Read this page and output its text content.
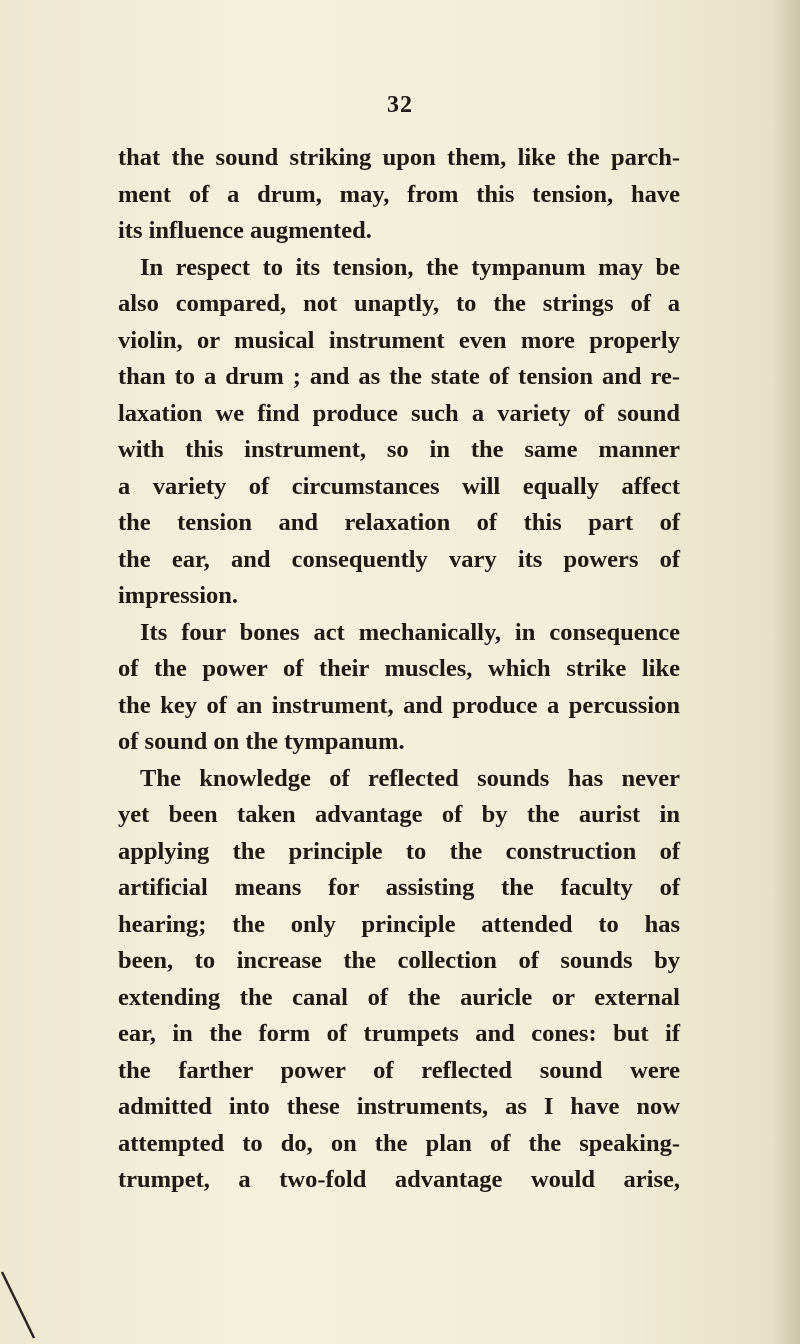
32
that the sound striking upon them, like the parch-
ment of a drum, may, from this tension, have
its influence augmented.
In respect to its tension, the tympanum may be
also compared, not unaptly, to the strings of a
violin, or musical instrument even more properly
than to a drum ; and as the state of tension and re-
laxation we find produce such a variety of sound
with this instrument, so in the same manner
a variety of circumstances will equally affect
the tension and relaxation of this part of
the ear, and consequently vary its powers of
impression.
Its four bones act mechanically, in consequence
of the power of their muscles, which strike like
the key of an instrument, and produce a percussion
of sound on the tympanum.
The knowledge of reflected sounds has never
yet been taken advantage of by the aurist in
applying the principle to the construction of
artificial means for assisting the faculty of
hearing; the only principle attended to has
been, to increase the collection of sounds by
extending the canal of the auricle or external
ear, in the form of trumpets and cones: but if
the farther power of reflected sound were
admitted into these instruments, as I have now
attempted to do, on the plan of the speaking-
trumpet, a two-fold advantage would arise,
